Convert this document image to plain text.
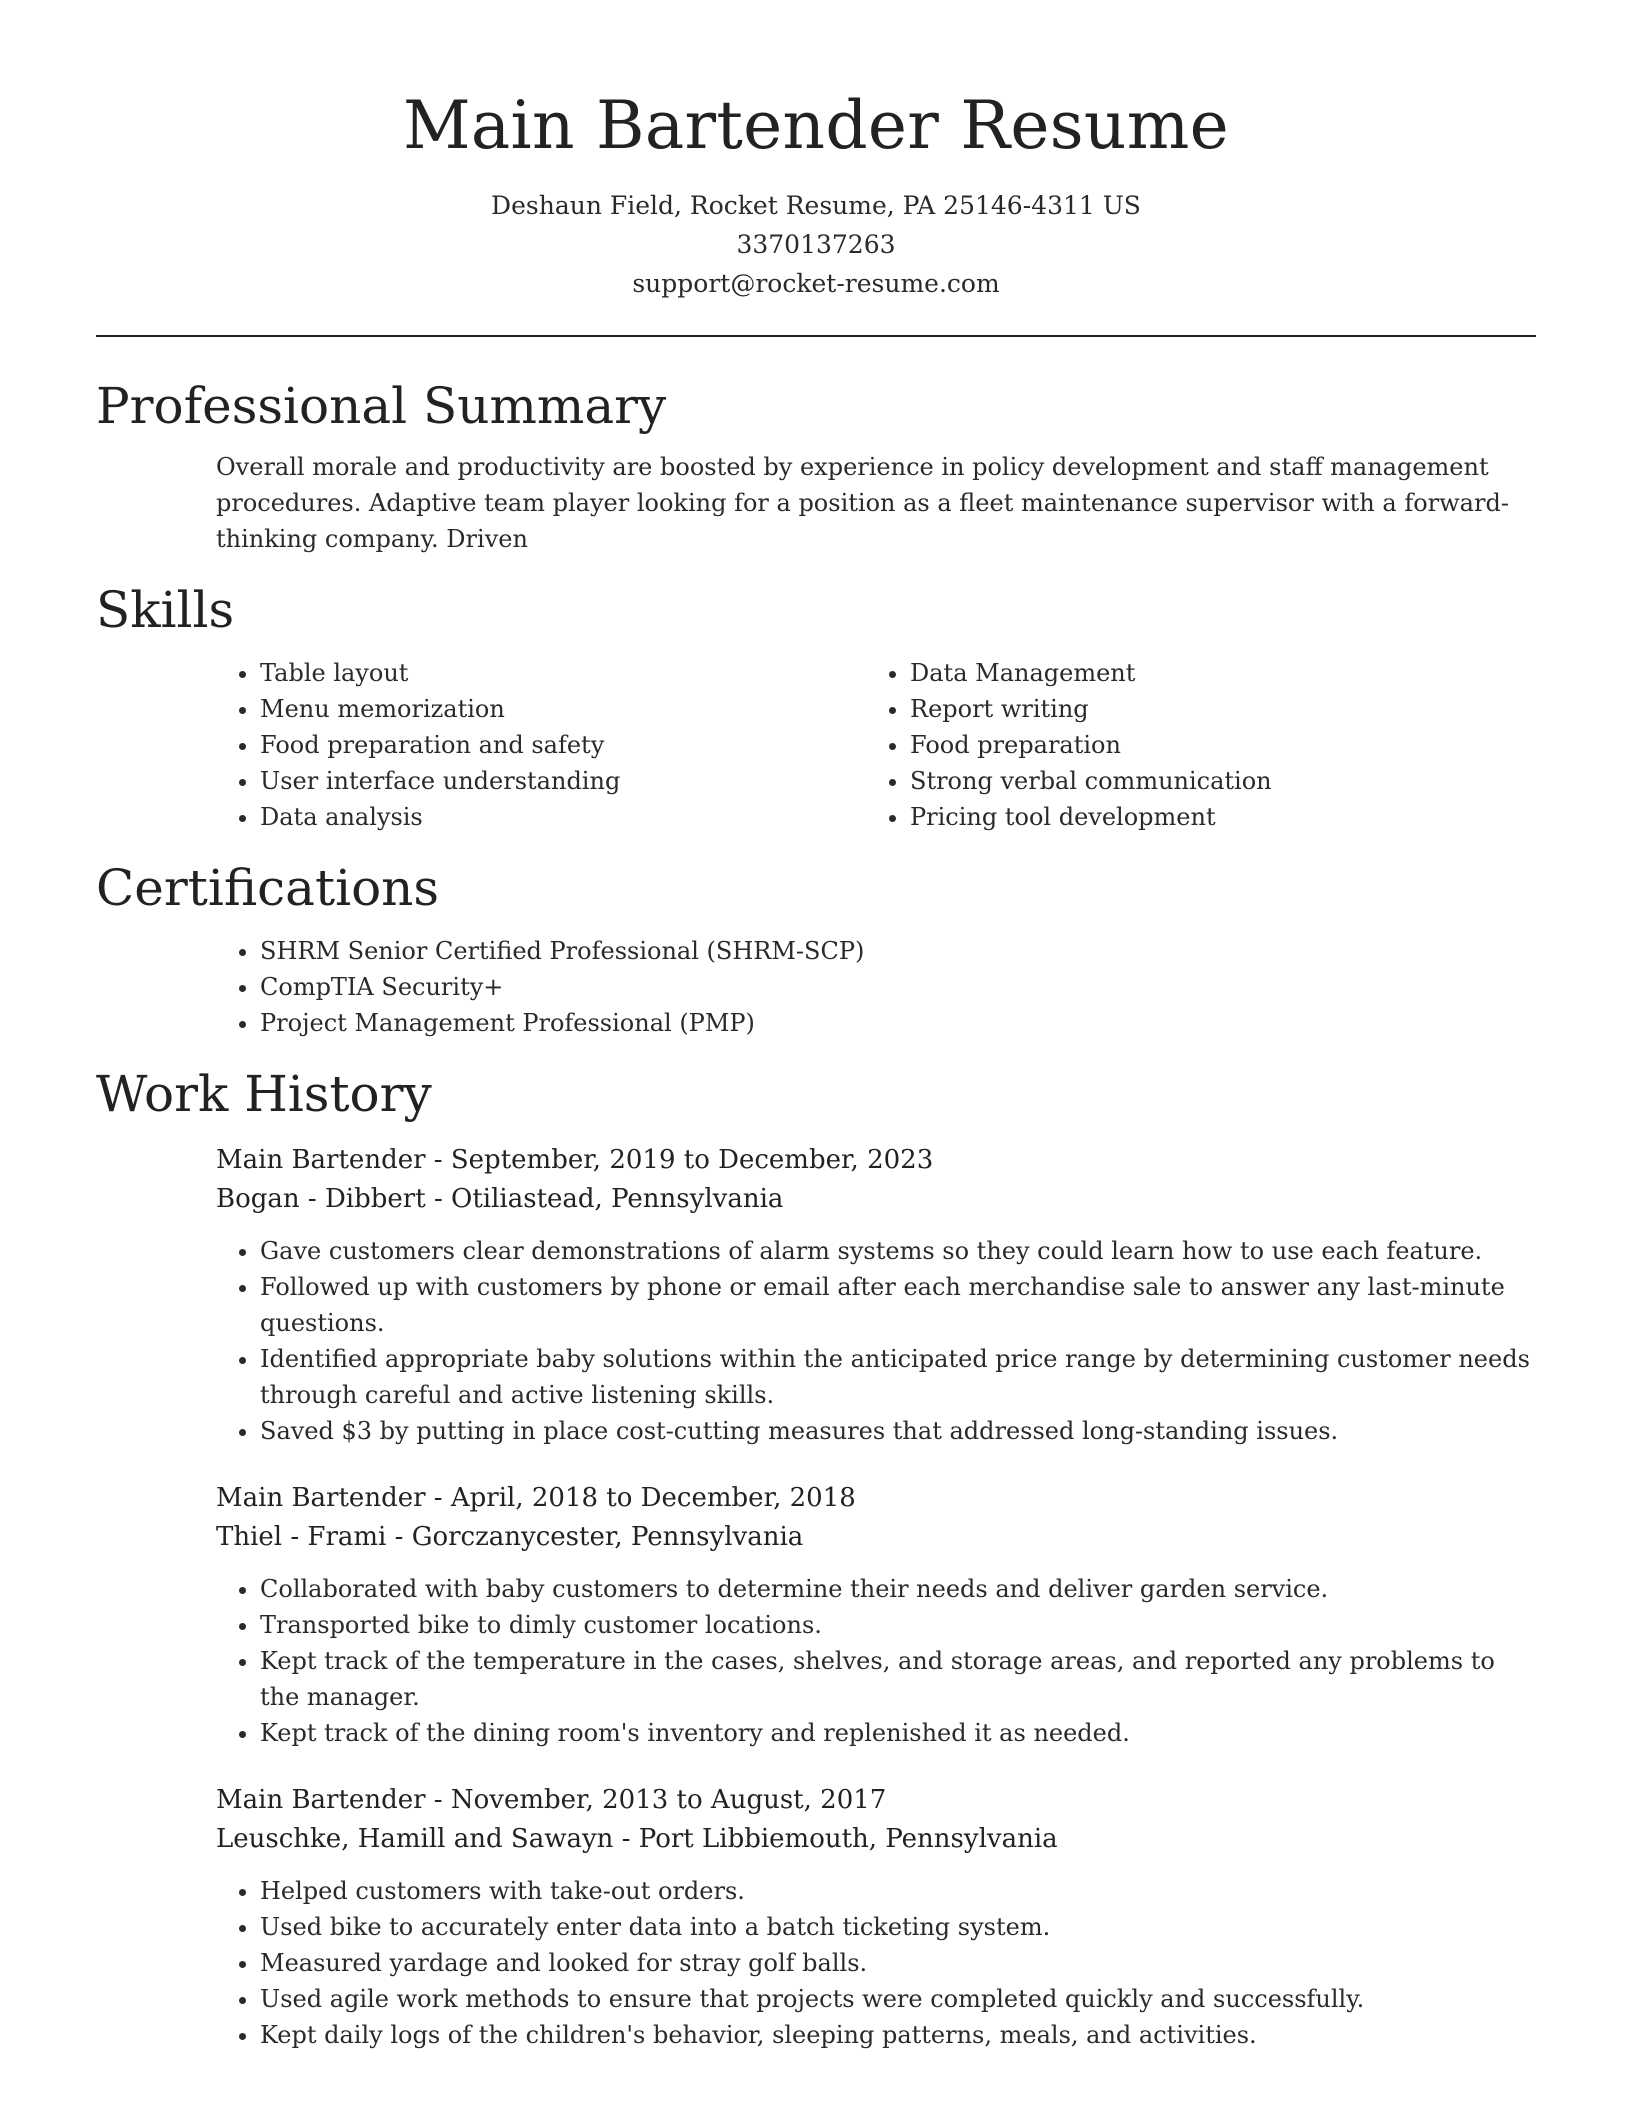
Main Bartender Resume
Deshaun Field, Rocket Resume, PA 25146-4311 US
3370137263
support@rocket-resume.com
Professional Summary

Overall morale and productivity are boosted by experience in policy development and staff management procedures. Adaptive team player looking for a position as a fleet maintenance supervisor with a forward-thinking company. Driven

Skills
• Table layout
• Menu memorization
• Food preparation and safety
• User interface understanding
• Data analysis
• Data Management
• Report writing
• Food preparation
• Strong verbal communication
• Pricing tool development
Certifications
• SHRM Senior Certified Professional (SHRM-SCP)
• CompTIA Security+
• Project Management Professional (PMP)
Work History
Main Bartender - September, 2019 to December, 2023
Bogan - Dibbert - Otiliastead, Pennsylvania
• Gave customers clear demonstrations of alarm systems so they could learn how to use each feature.
• Followed up with customers by phone or email after each merchandise sale to answer any last-minute questions.
• Identified appropriate baby solutions within the anticipated price range by determining customer needs through careful and active listening skills.
• Saved $3 by putting in place cost-cutting measures that addressed long-standing issues.
Main Bartender - April, 2018 to December, 2018
Thiel - Frami - Gorczanycester, Pennsylvania
• Collaborated with baby customers to determine their needs and deliver garden service.
• Transported bike to dimly customer locations.
• Kept track of the temperature in the cases, shelves, and storage areas, and reported any problems to the manager.
• Kept track of the dining room's inventory and replenished it as needed.
Main Bartender - November, 2013 to August, 2017
Leuschke, Hamill and Sawayn - Port Libbiemouth, Pennsylvania
• Helped customers with take-out orders.
• Used bike to accurately enter data into a batch ticketing system.
• Measured yardage and looked for stray golf balls.
• Used agile work methods to ensure that projects were completed quickly and successfully.
• Kept daily logs of the children's behavior, sleeping patterns, meals, and activities.
